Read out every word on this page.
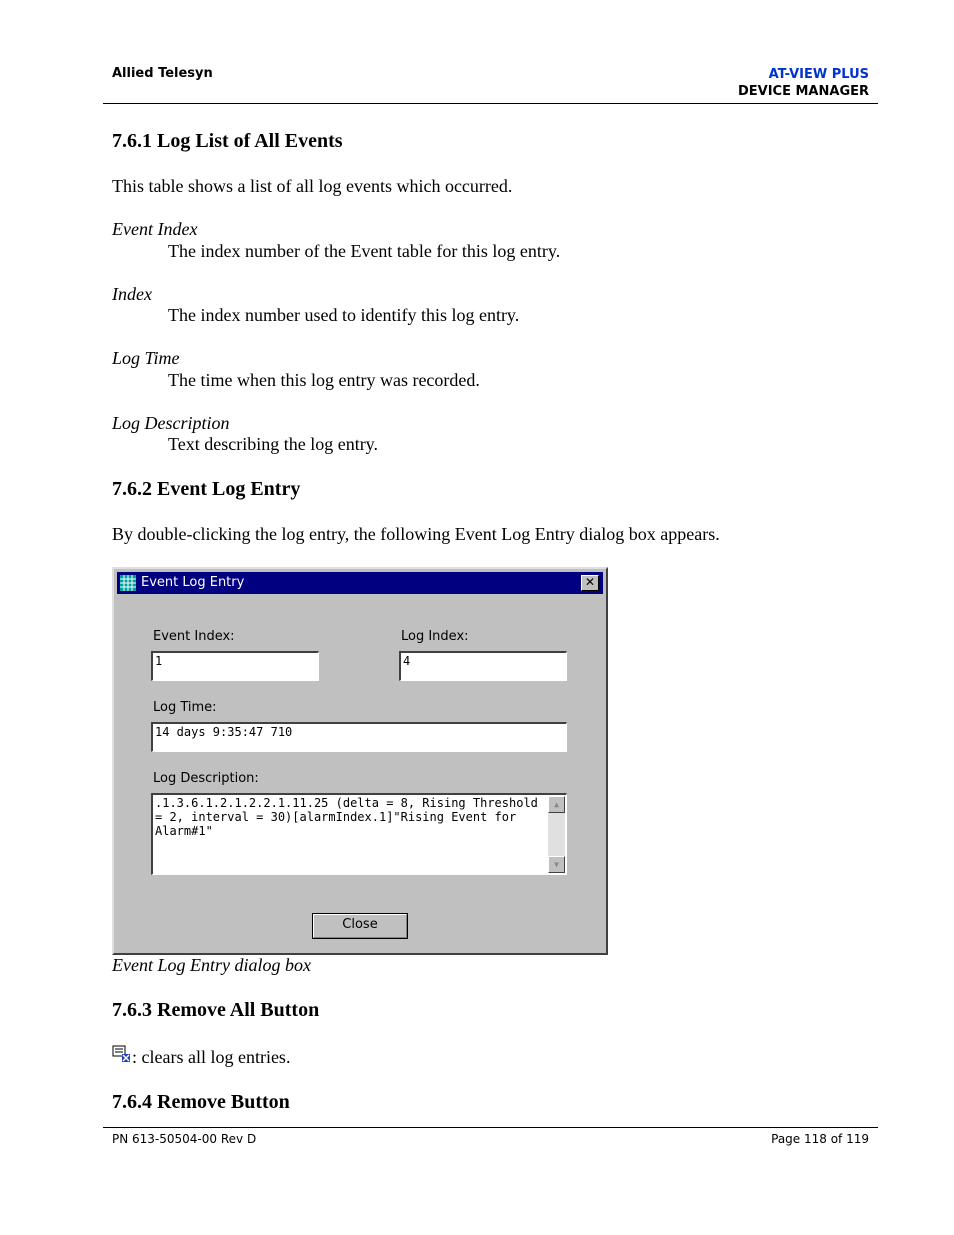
Allied Telesyn	AT-VIEW PLUS
DEVICE MANAGER
7.6.1 Log List of All Events
This table shows a list of all log events which occurred.
Event Index
The index number of the Event table for this log entry.
Index
The index number used to identify this log entry.
Log Time
The time when this log entry was recorded.
Log Description
Text describing the log entry.
7.6.2 Event Log Entry
By double-clicking the log entry, the following Event Log Entry dialog box appears.
Event Log Entry	✕
Event Index:
1
Log Index:
4
Log Time:
14 days 9:35:47 710
Log Description:
.1.3.6.1.2.1.2.2.1.11.25 (delta = 8, Rising Threshold = 2, interval = 30)[alarmIndex.1]"Rising Event for Alarm#1"
▲
▼
Close
Event Log Entry dialog box
7.6.3 Remove All Button
: clears all log entries.
7.6.4 Remove Button
PN 613-50504-00 Rev D	Page 118 of 119
